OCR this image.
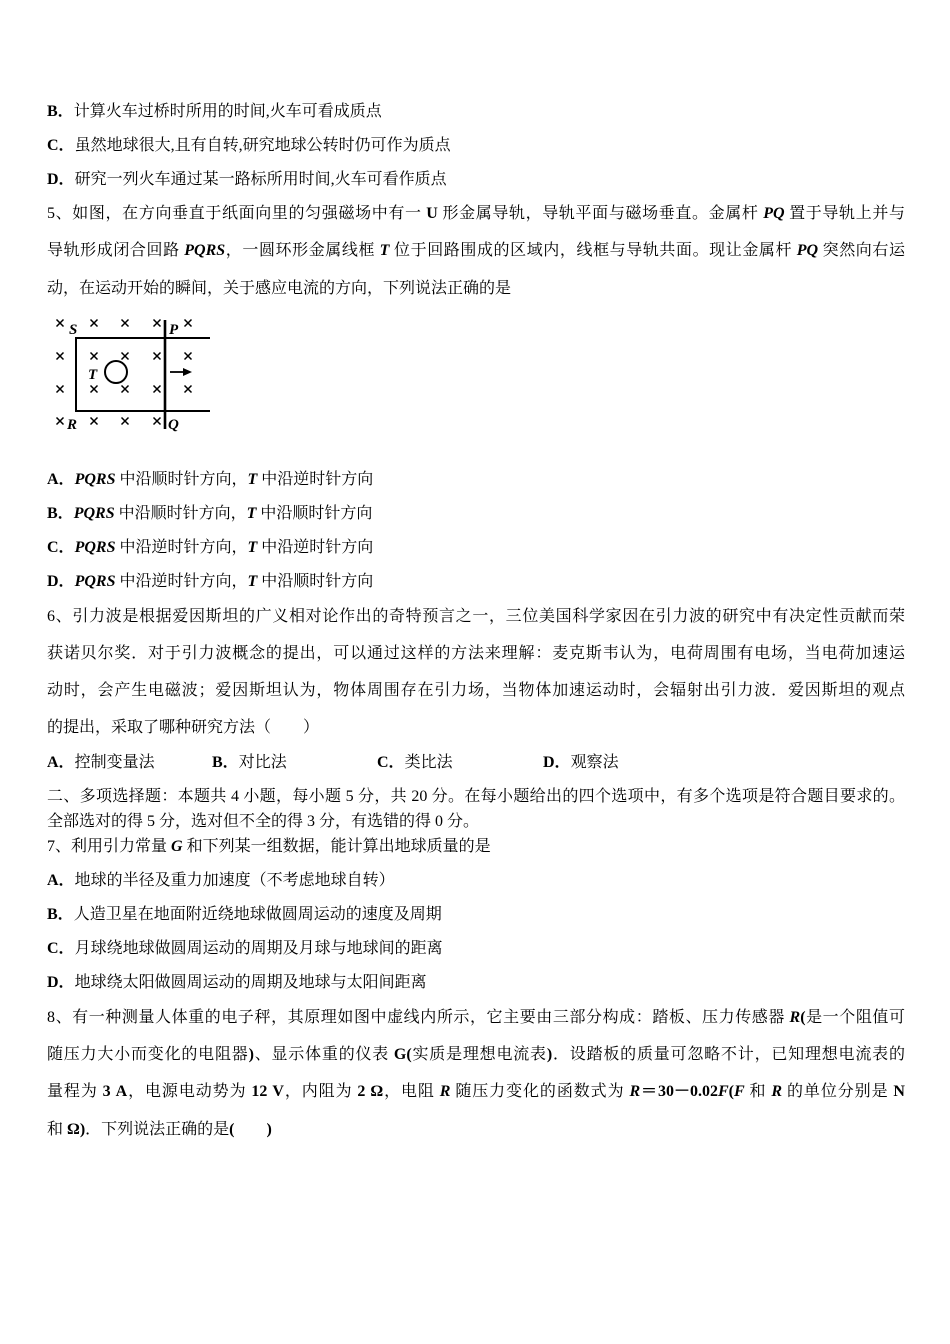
B．计算火车过桥时所用的时间,火车可看成质点
C．虽然地球很大,且有自转,研究地球公转时仍可作为质点
D．研究一列火车通过某一路标所用时间,火车可看作质点
5、如图，在方向垂直于纸面向里的匀强磁场中有一 U 形金属导轨，导轨平面与磁场垂直。金属杆 PQ 置于导轨上并与
导轨形成闭合回路 PQRS，一圆环形金属线框 T 位于回路围成的区域内，线框与导轨共面。现让金属杆 PQ 突然向右运
动，在运动开始的瞬间，关于感应电流的方向，下列说法正确的是
S	P
T
R	Q
A．PQRS 中沿顺时针方向，T 中沿逆时针方向
B．PQRS 中沿顺时针方向，T 中沿顺时针方向
C．PQRS 中沿逆时针方向，T 中沿逆时针方向
D．PQRS 中沿逆时针方向，T 中沿顺时针方向
6、引力波是根据爱因斯坦的广义相对论作出的奇特预言之一，三位美国科学家因在引力波的研究中有决定性贡献而荣
获诺贝尔奖．对于引力波概念的提出，可以通过这样的方法来理解：麦克斯韦认为，电荷周围有电场，当电荷加速运
动时，会产生电磁波；爱因斯坦认为，物体周围存在引力场，当物体加速运动时，会辐射出引力波．爱因斯坦的观点
的提出，采取了哪种研究方法（　　）
A．控制变量法	B．对比法	C．类比法	D．观察法
二、多项选择题：本题共 4 小题，每小题 5 分，共 20 分。在每小题给出的四个选项中，有多个选项是符合题目要求的。
全部选对的得 5 分，选对但不全的得 3 分，有选错的得 0 分。
7、利用引力常量 G 和下列某一组数据，能计算出地球质量的是
A．地球的半径及重力加速度（不考虑地球自转）
B．人造卫星在地面附近绕地球做圆周运动的速度及周期
C．月球绕地球做圆周运动的周期及月球与地球间的距离
D．地球绕太阳做圆周运动的周期及地球与太阳间距离
8、有一种测量人体重的电子秤，其原理如图中虚线内所示，它主要由三部分构成：踏板、压力传感器 R(是一个阻值可
随压力大小而变化的电阻器)、显示体重的仪表 G(实质是理想电流表)．设踏板的质量可忽略不计，已知理想电流表的
量程为 3 A，电源电动势为 12 V，内阻为 2 Ω，电阻 R 随压力变化的函数式为 R＝30－0.02F(F 和 R 的单位分别是 N
和 Ω)．下列说法正确的是(　　)
